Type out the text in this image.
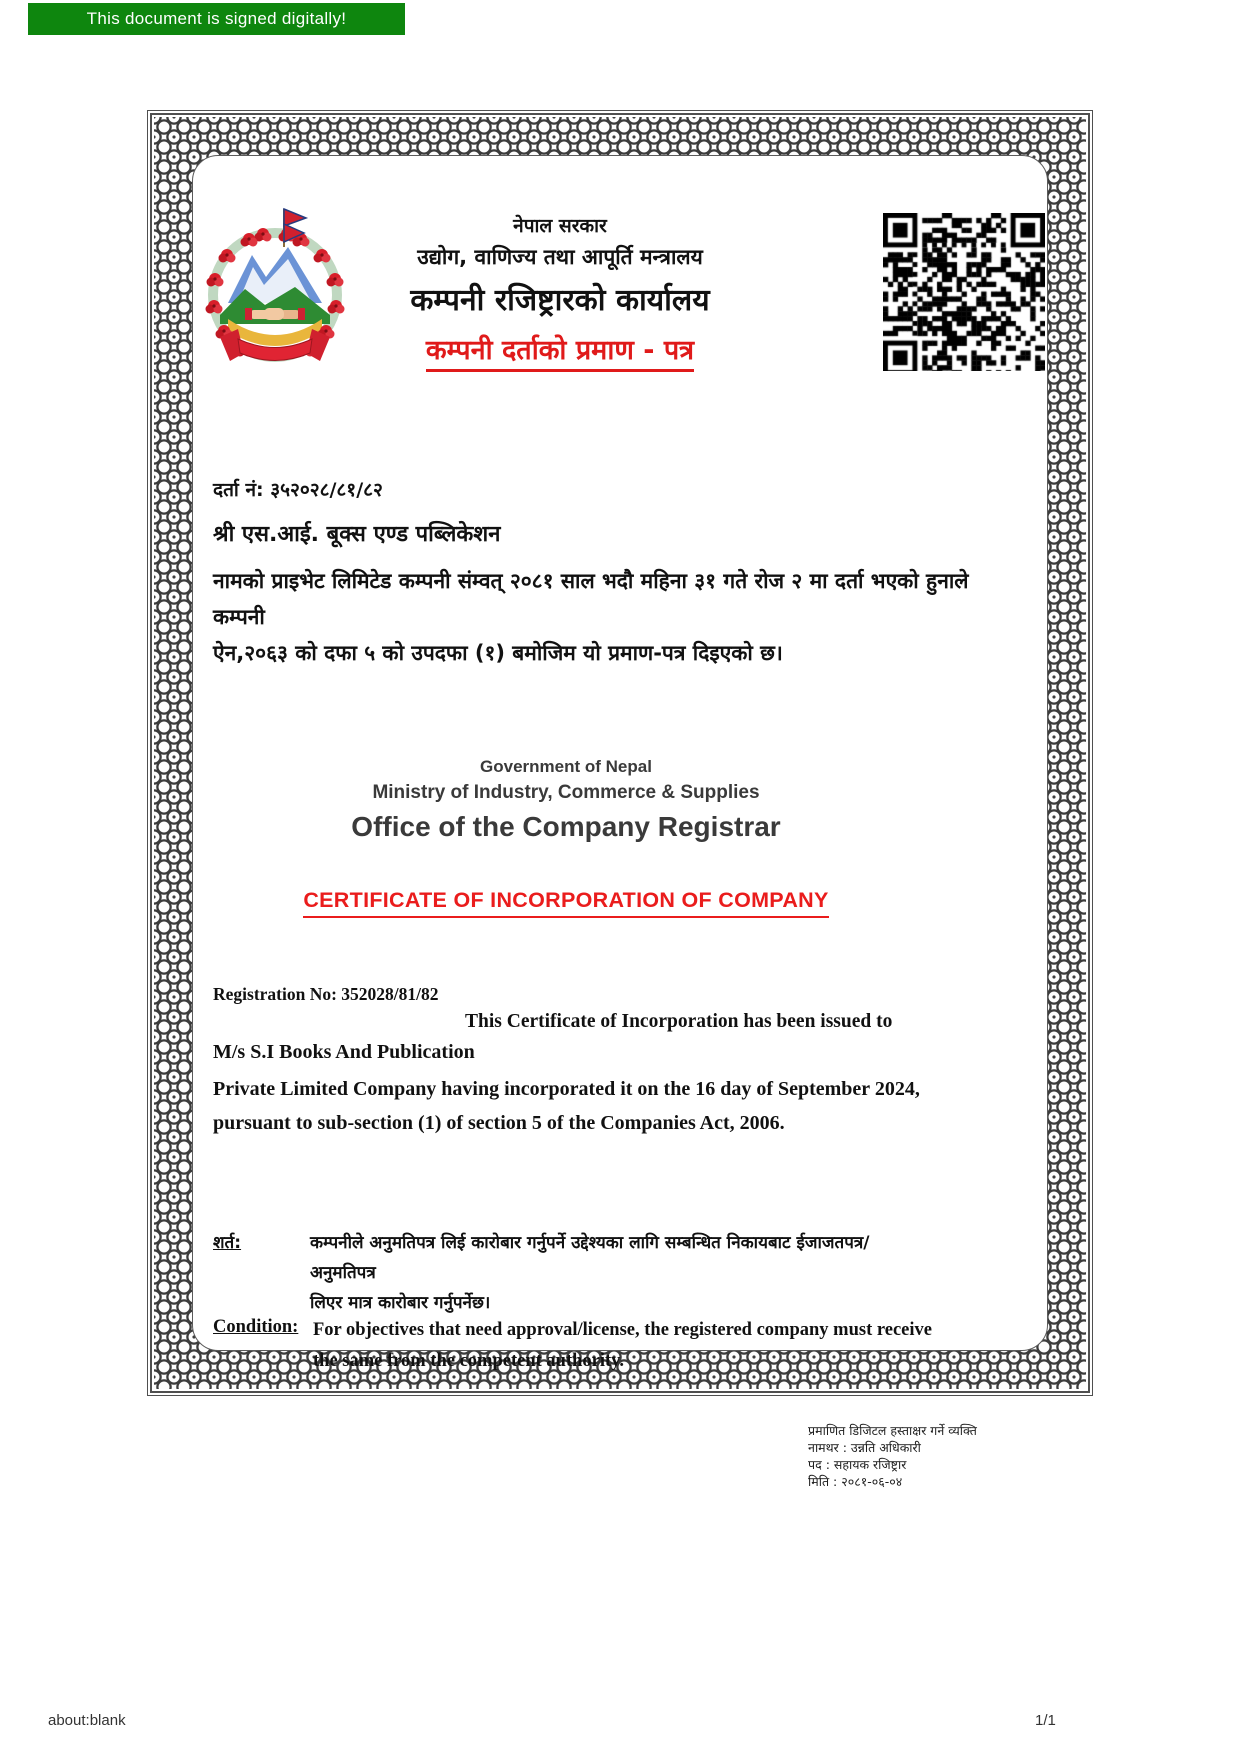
This document is signed digitally!
नेपाल सरकार
उद्योग, वाणिज्य तथा आपूर्ति मन्त्रालय
कम्पनी रजिष्ट्रारको कार्यालय
कम्पनी दर्ताको प्रमाण - पत्र
दर्ता नं: ३५२०२८/८१/८२
श्री एस.आई. बूक्स एण्ड पब्लिकेशन
नामको प्राइभेट लिमिटेड कम्पनी संम्वत् २०८१ साल भदौ महिना ३१ गते रोज २ मा दर्ता भएको हुनाले कम्पनी
ऐन,२०६३ को दफा ५ को उपदफा (१) बमोजिम यो प्रमाण-पत्र दिइएको छ।
Government of Nepal
Ministry of Industry, Commerce & Supplies
Office of the Company Registrar
CERTIFICATE OF INCORPORATION OF COMPANY
Registration No: 352028/81/82
This Certificate of Incorporation has been issued to
M/s S.I Books And Publication
Private Limited Company having incorporated it on the 16 day of September 2024, pursuant to sub-section (1) of section 5 of the Companies Act, 2006.
शर्त:	कम्पनीले अनुमतिपत्र लिई कारोबार गर्नुपर्ने उद्देश्यका लागि सम्बन्धित निकायबाट ईजाजतपत्र/अनुमतिपत्र
लिएर मात्र कारोबार गर्नुपर्नेछ।
Condition: For objectives that need approval/license, the registered company must receive the same from the competent authority.
प्रमाणित डिजिटल हस्ताक्षर गर्ने व्यक्ति
नामथर : उन्नति अधिकारी
पद : सहायक रजिष्ट्रार
मिति : २०८१-०६-०४
about:blank	1/1
